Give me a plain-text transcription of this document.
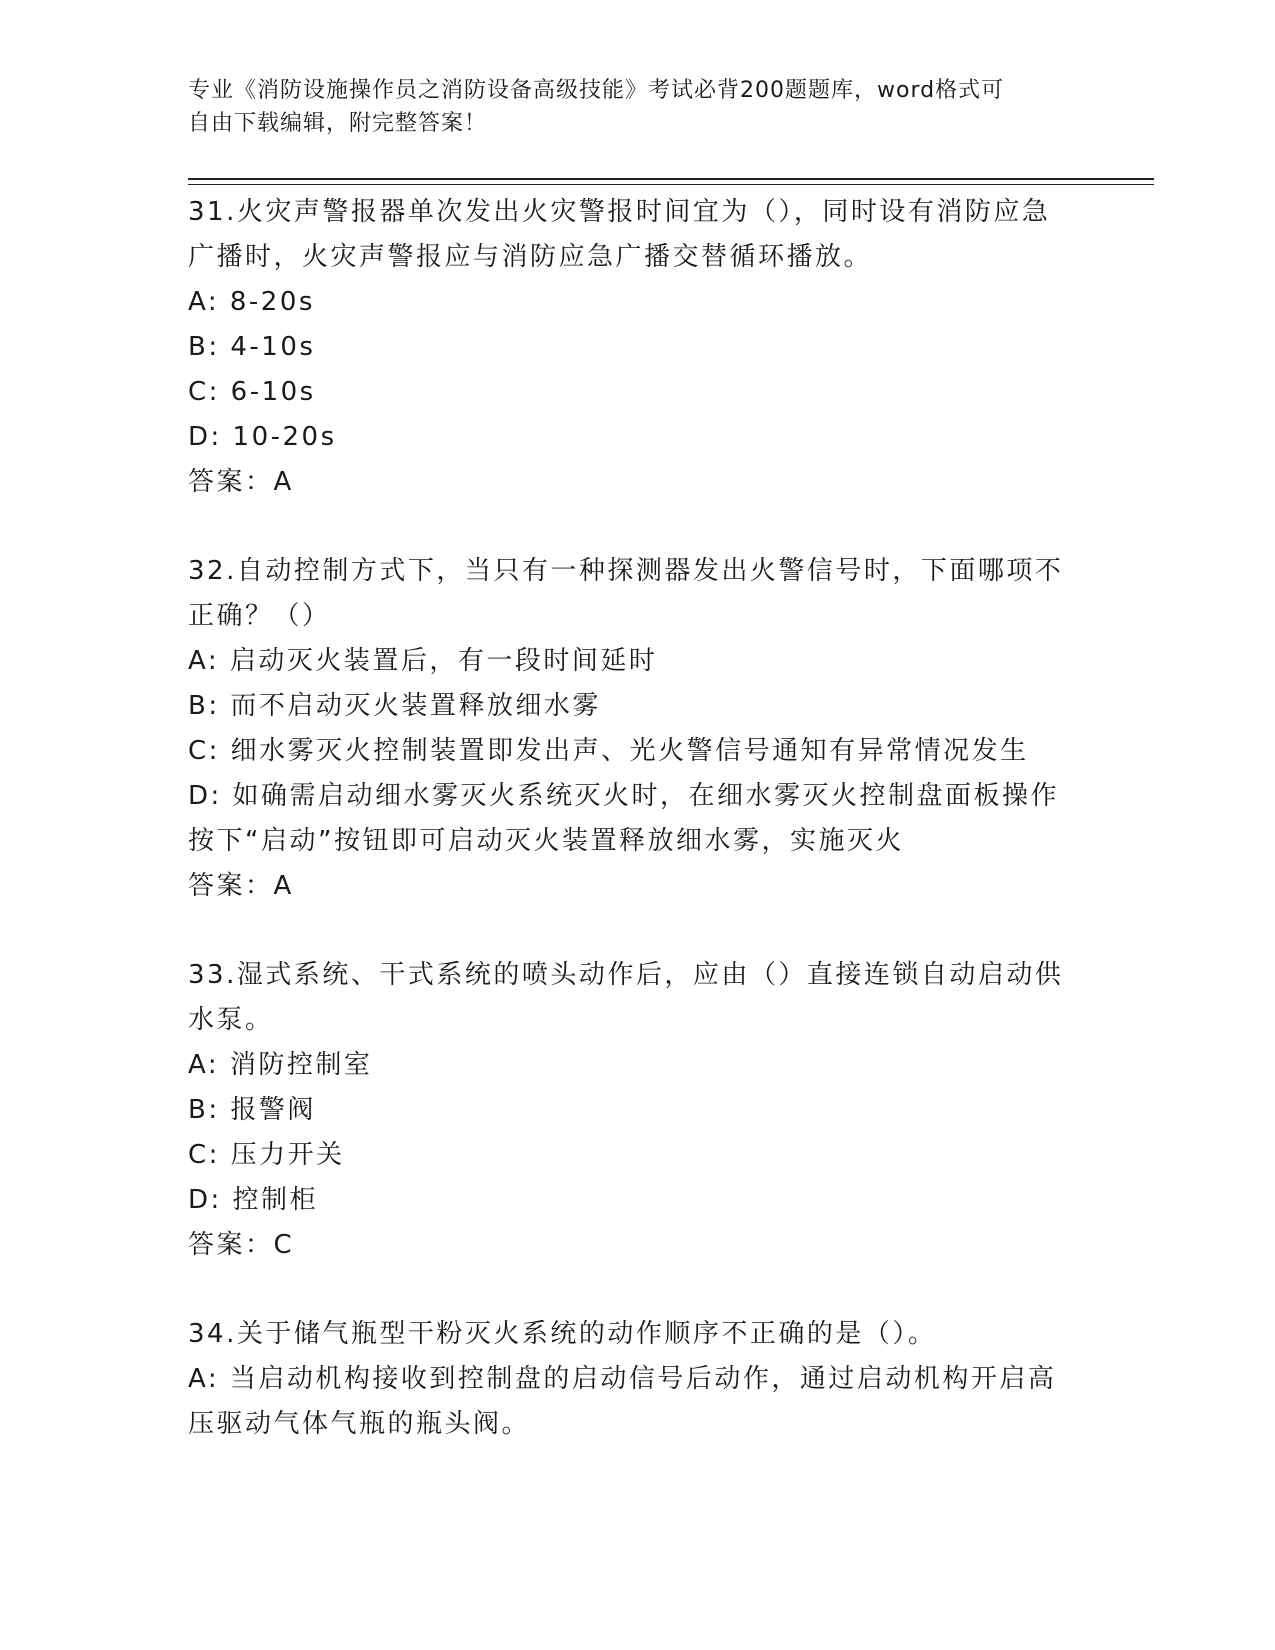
专业《消防设施操作员之消防设备高级技能》考试必背200题题库，word格式可
自由下载编辑，附完整答案！
31.火灾声警报器单次发出火灾警报时间宜为（），同时设有消防应急
广播时，火灾声警报应与消防应急广播交替循环播放。
A: 8-20s
B: 4-10s
C: 6-10s
D: 10-20s
答案：A
32.自动控制方式下，当只有一种探测器发出火警信号时，下面哪项不
正确？（）
A: 启动灭火装置后，有一段时间延时
B: 而不启动灭火装置释放细水雾
C: 细水雾灭火控制装置即发出声、光火警信号通知有异常情况发生
D: 如确需启动细水雾灭火系统灭火时，在细水雾灭火控制盘面板操作
按下“启动”按钮即可启动灭火装置释放细水雾，实施灭火
答案：A
33.湿式系统、干式系统的喷头动作后，应由（）直接连锁自动启动供
水泵。
A: 消防控制室
B: 报警阀
C: 压力开关
D: 控制柜
答案：C
34.关于储气瓶型干粉灭火系统的动作顺序不正确的是（）。
A: 当启动机构接收到控制盘的启动信号后动作，通过启动机构开启高
压驱动气体气瓶的瓶头阀。
